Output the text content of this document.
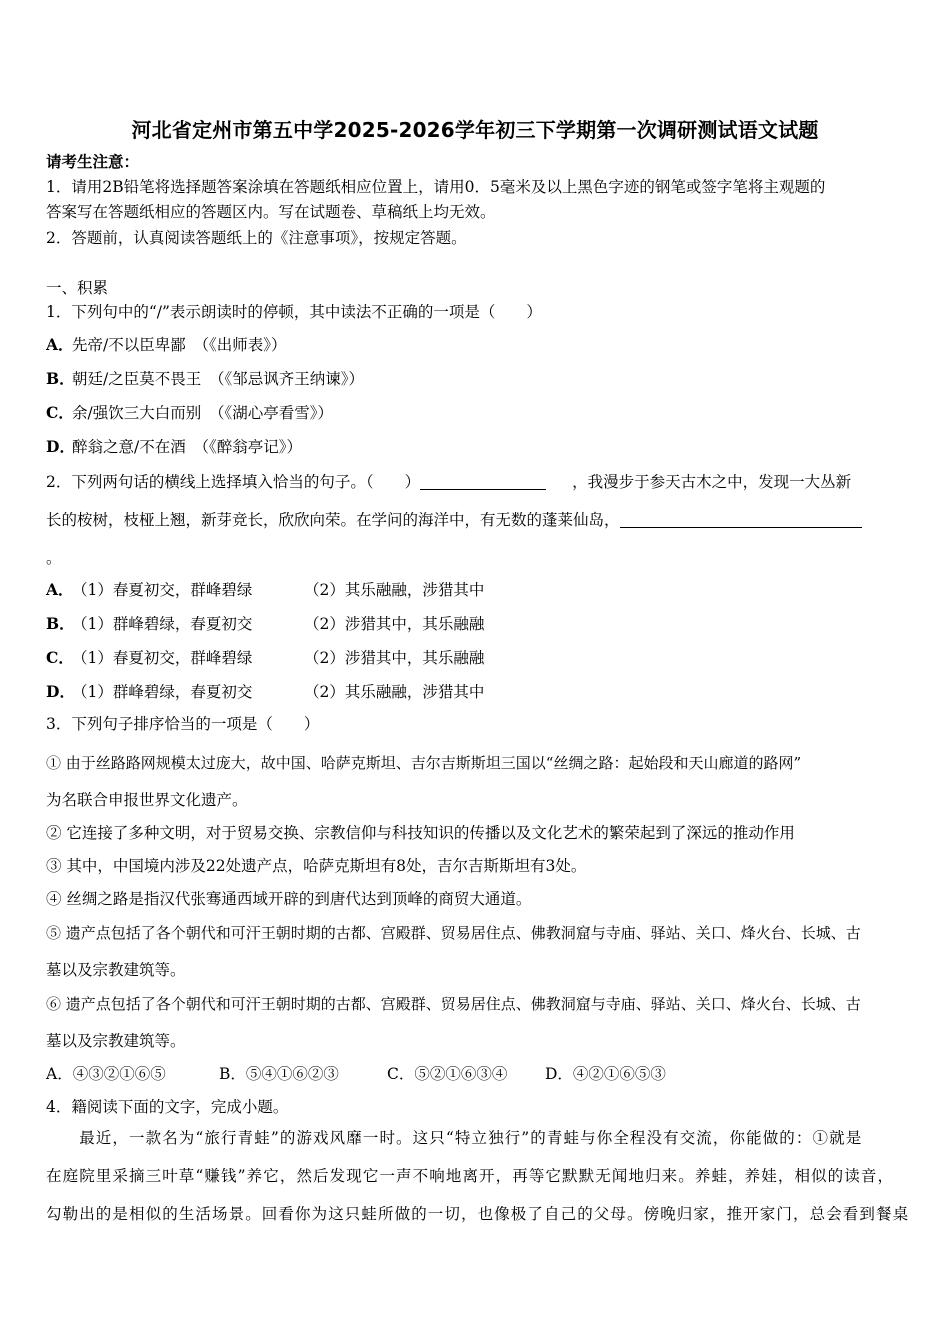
河北省定州市第五中学2025-2026学年初三下学期第一次调研测试语文试题
请考生注意：
1．请用2B铅笔将选择题答案涂填在答题纸相应位置上，请用0．5毫米及以上黑色字迹的钢笔或签字笔将主观题的
答案写在答题纸相应的答题区内。写在试题卷、草稿纸上均无效。
2．答题前，认真阅读答题纸上的《注意事项》，按规定答题。
一、积累
1．下列句中的“/”表示朗读时的停顿，其中读法不正确的一项是（　　）
A．先帝/不以臣卑鄙　（《出师表》）
B．朝廷/之臣莫不畏王　（《邹忌讽齐王纳谏》）
C．余/强饮三大白而别　（《湖心亭看雪》）
D．醉翁之意/不在酒　（《醉翁亭记》）
2．下列两句话的横线上选择填入恰当的句子。（　　）	，我漫步于参天古木之中，发现一大丛新
长的桉树，枝桠上翘，新芽竞长，欣欣向荣。在学问的海洋中，有无数的蓬莱仙岛，
。
A．（1）春夏初交，群峰碧绿	（2）其乐融融，涉猎其中
B．（1）群峰碧绿，春夏初交	（2）涉猎其中，其乐融融
C．（1）春夏初交，群峰碧绿	（2）涉猎其中，其乐融融
D．（1）群峰碧绿，春夏初交	（2）其乐融融，涉猎其中
3．下列句子排序恰当的一项是（　　）
① 由于丝路路网规模太过庞大，故中国、哈萨克斯坦、吉尔吉斯斯坦三国以“丝绸之路：起始段和天山廊道的路网”
为名联合申报世界文化遗产。
② 它连接了多种文明，对于贸易交换、宗教信仰与科技知识的传播以及文化艺术的繁荣起到了深远的推动作用
③ 其中，中国境内涉及22处遗产点，哈萨克斯坦有8处，吉尔吉斯斯坦有3处。
④ 丝绸之路是指汉代张骞通西域开辟的到唐代达到顶峰的商贸大通道。
⑤ 遗产点包括了各个朝代和可汗王朝时期的古都、宫殿群、贸易居住点、佛教洞窟与寺庙、驿站、关口、烽火台、长城、古
墓以及宗教建筑等。
⑥ 遗产点包括了各个朝代和可汗王朝时期的古都、宫殿群、贸易居住点、佛教洞窟与寺庙、驿站、关口、烽火台、长城、古
墓以及宗教建筑等。
A．④③②①⑥⑤	B．⑤④①⑥②③	C．⑤②①⑥③④ D．④②①⑥⑤③
4．籍阅读下面的文字，完成小题。
　　最近，一款名为“旅行青蛙”的游戏风靡一时。这只“特立独行”的青蛙与你全程没有交流，你能做的：①就是
在庭院里采摘三叶草“赚钱”养它，然后发现它一声不响地离开，再等它默默无闻地归来。养蛙，养娃，相似的读音，
勾勒出的是相似的生活场景。回看你为这只蛙所做的一切，也像极了自己的父母。傍晚归家，推开家门，总会看到餐桌
